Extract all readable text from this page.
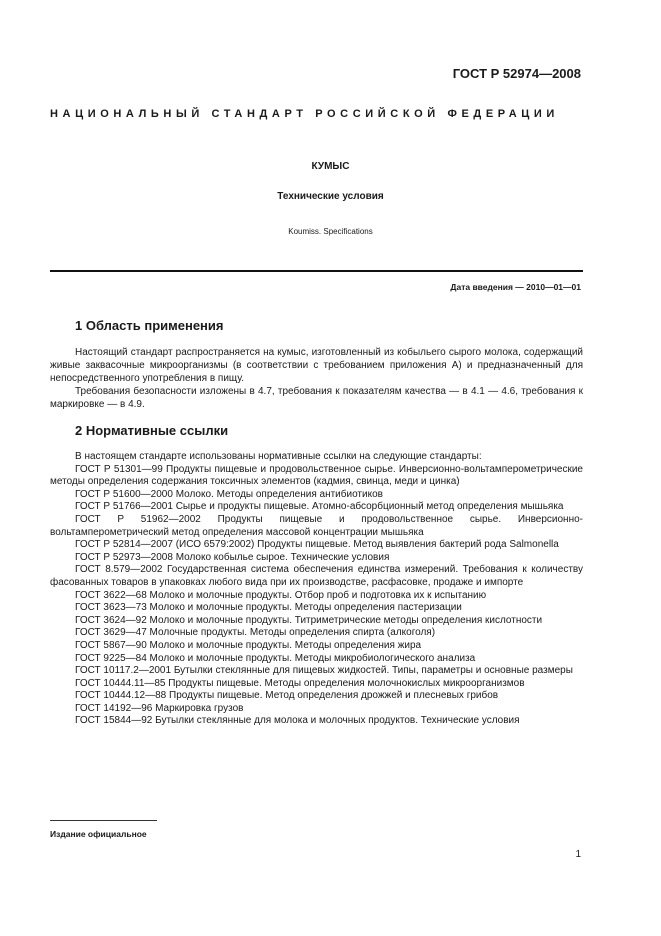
ГОСТ Р 52974—2008
НАЦИОНАЛЬНЫЙ СТАНДАРТ РОССИЙСКОЙ ФЕДЕРАЦИИ
КУМЫС
Технические условия
Koumiss. Specifications
Дата введения — 2010—01—01
1 Область применения

Настоящий стандарт распространяется на кумыс, изготовленный из кобыльего сырого молока, содержащий живые заквасочные микроорганизмы (в соответствии с требованием приложения А) и предназначенный для непосредственного употребления в пищу.

Требования безопасности изложены в 4.7, требования к показателям качества — в 4.1 — 4.6, требования к маркировке — в 4.9.

2 Нормативные ссылки

В настоящем стандарте использованы нормативные ссылки на следующие стандарты:

ГОСТ Р 51301—99 Продукты пищевые и продовольственное сырье. Инверсионно-вольтамперометрические методы определения содержания токсичных элементов (кадмия, свинца, меди и цинка)

ГОСТ Р 51600—2000 Молоко. Методы определения антибиотиков

ГОСТ Р 51766—2001 Сырье и продукты пищевые. Атомно-абсорбционный метод определения мышьяка

ГОСТ Р 51962—2002 Продукты пищевые и продовольственное сырье. Инверсионно-вольтамперометрический метод определения массовой концентрации мышьяка

ГОСТ Р 52814—2007 (ИСО 6579:2002) Продукты пищевые. Метод выявления бактерий рода Salmonella

ГОСТ Р 52973—2008 Молоко кобылье сырое. Технические условия

ГОСТ 8.579—2002 Государственная система обеспечения единства измерений. Требования к количеству фасованных товаров в упаковках любого вида при их производстве, расфасовке, продаже и импорте

ГОСТ 3622—68 Молоко и молочные продукты. Отбор проб и подготовка их к испытанию

ГОСТ 3623—73 Молоко и молочные продукты. Методы определения пастеризации

ГОСТ 3624—92 Молоко и молочные продукты. Титриметрические методы определения кислотности

ГОСТ 3629—47 Молочные продукты. Методы определения спирта (алкоголя)

ГОСТ 5867—90 Молоко и молочные продукты. Методы определения жира

ГОСТ 9225—84 Молоко и молочные продукты. Методы микробиологического анализа

ГОСТ 10117.2—2001 Бутылки стеклянные для пищевых жидкостей. Типы, параметры и основные размеры

ГОСТ 10444.11—85 Продукты пищевые. Методы определения молочнокислых микроорганизмов

ГОСТ 10444.12—88 Продукты пищевые. Метод определения дрожжей и плесневых грибов

ГОСТ 14192—96 Маркировка грузов

ГОСТ 15844—92 Бутылки стеклянные для молока и молочных продуктов. Технические условия

Издание официальное
1
